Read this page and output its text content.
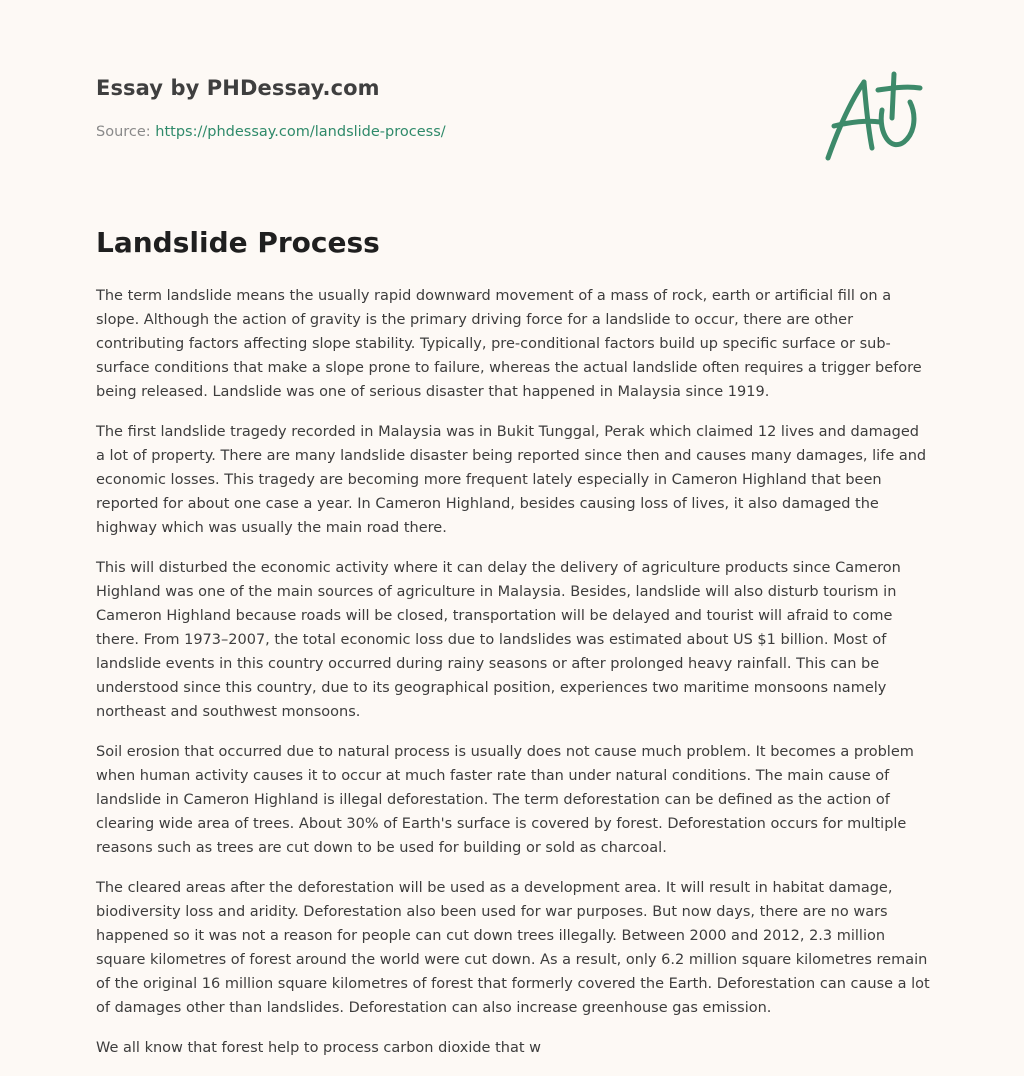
Essay by PHDessay.com
Source: https://phdessay.com/landslide-process/
Landslide Process

The term landslide means the usually rapid downward movement of a mass of rock, earth or artificial fill on a slope. Although the action of gravity is the primary driving force for a landslide to occur, there are other contributing factors affecting slope stability. Typically, pre-conditional factors build up specific surface or sub-surface conditions that make a slope prone to failure, whereas the actual landslide often requires a trigger before being released. Landslide was one of serious disaster that happened in Malaysia since 1919.

The first landslide tragedy recorded in Malaysia was in Bukit Tunggal, Perak which claimed 12 lives and damaged a lot of property. There are many landslide disaster being reported since then and causes many damages, life and economic losses. This tragedy are becoming more frequent lately especially in Cameron Highland that been reported for about one case a year. In Cameron Highland, besides causing loss of lives, it also damaged the highway which was usually the main road there.

This will disturbed the economic activity where it can delay the delivery of agriculture products since Cameron Highland was one of the main sources of agriculture in Malaysia. Besides, landslide will also disturb tourism in Cameron Highland because roads will be closed, transportation will be delayed and tourist will afraid to come there. From 1973–2007, the total economic loss due to landslides was estimated about US $1 billion. Most of landslide events in this country occurred during rainy seasons or after prolonged heavy rainfall. This can be understood since this country, due to its geographical position, experiences two maritime monsoons namely northeast and southwest monsoons.

Soil erosion that occurred due to natural process is usually does not cause much problem. It becomes a problem when human activity causes it to occur at much faster rate than under natural conditions. The main cause of landslide in Cameron Highland is illegal deforestation. The term deforestation can be defined as the action of clearing wide area of trees. About 30% of Earth's surface is covered by forest. Deforestation occurs for multiple reasons such as trees are cut down to be used for building or sold as charcoal.

The cleared areas after the deforestation will be used as a development area. It will result in habitat damage, biodiversity loss and aridity. Deforestation also been used for war purposes. But now days, there are no wars happened so it was not a reason for people can cut down trees illegally. Between 2000 and 2012, 2.3 million square kilometres of forest around the world were cut down. As a result, only 6.2 million square kilometres remain of the original 16 million square kilometres of forest that formerly covered the Earth. Deforestation can cause a lot of damages other than landslides. Deforestation can also increase greenhouse gas emission.

We all know that forest help to process carbon dioxide that w
